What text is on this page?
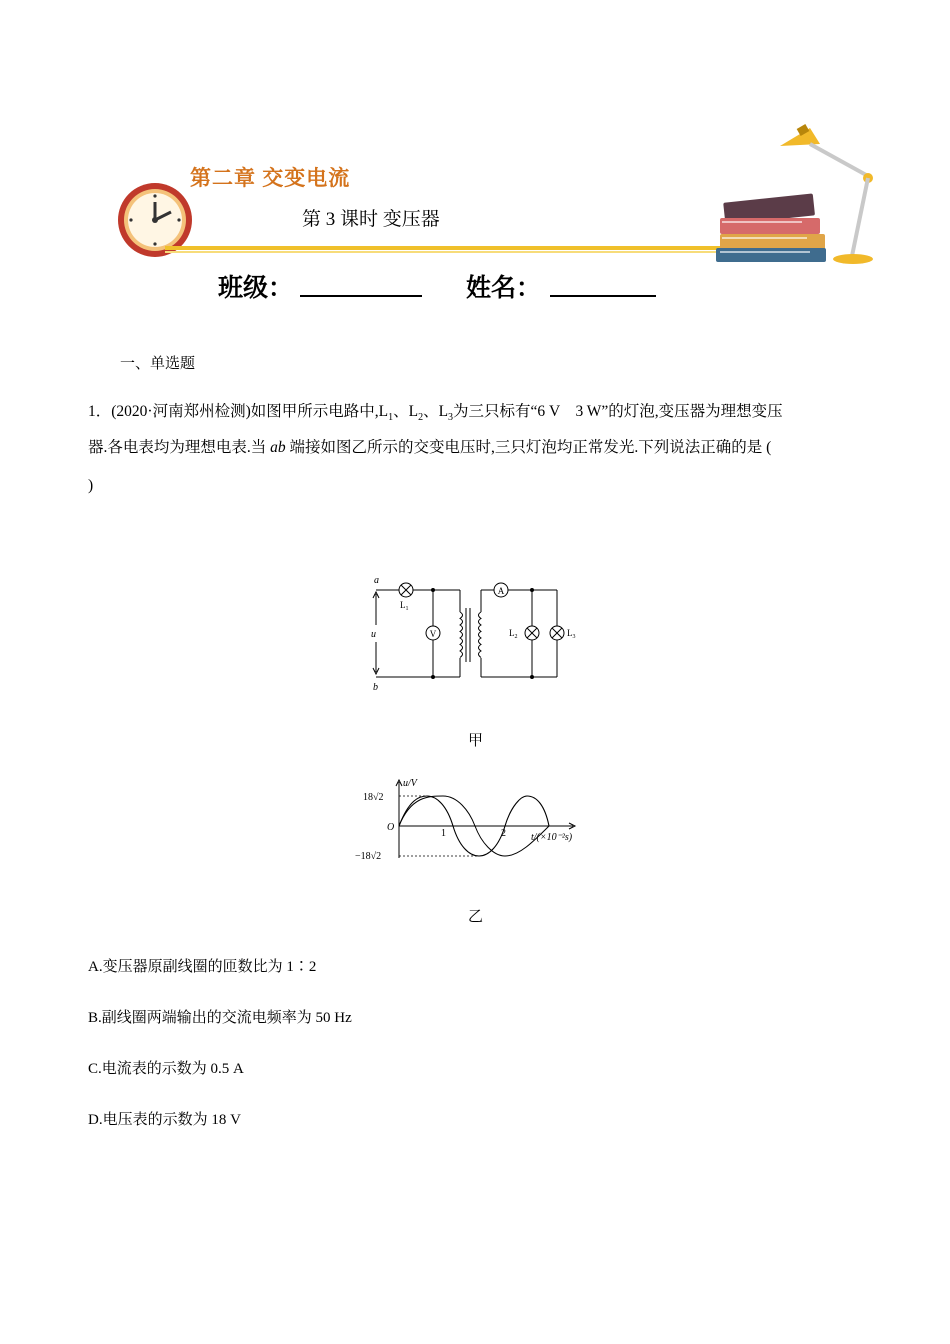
第二章 交变电流
第 3 课时 变压器
班级：	姓名：
一、单选题
1．(2020·河南郑州检测)如图甲所示电路中$,L_1$、$L_2$、$L_3$为三只标有“6 V　3 W”的灯泡,变压器为理想变压
器.各电表均为理想电表.当 ab 端接如图乙所示的交变电压时,三只灯泡均正常发光.下列说法正确的是 (
)
V
A
a
b
u
$L_1$
$L_2$	$L_3$
甲
u/V
O
18√2
−18√2
1	2	t/(×10⁻²s)
乙
A.变压器原副线圈的匝数比为 1∶2
B.副线圈两端输出的交流电频率为 50 Hz
C.电流表的示数为 0.5 A
D.电压表的示数为 18 V
